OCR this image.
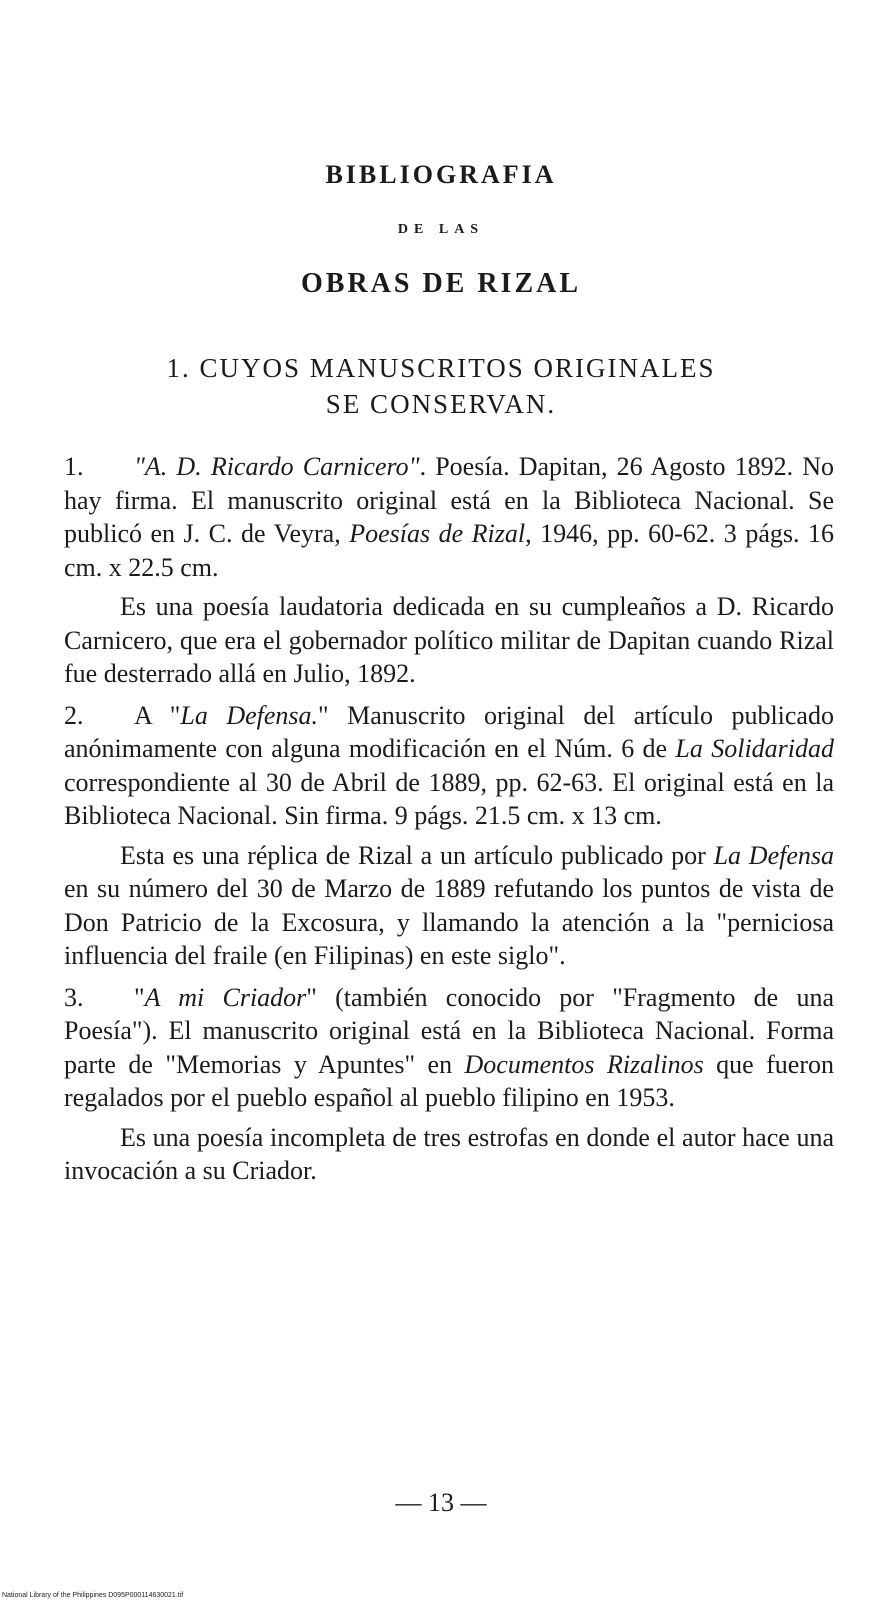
BIBLIOGRAFIA
DE LAS
OBRAS DE RIZAL
1. CUYOS MANUSCRITOS ORIGINALES
SE CONSERVAN.

1. "A. D. Ricardo Carnicero". Poesía. Dapitan, 26 Agosto 1892. No hay firma. El manuscrito original está en la Biblioteca Nacional. Se publicó en J. C. de Veyra, Poesías de Rizal, 1946, pp. 60-62. 3 págs. 16 cm. x 22.5 cm.

Es una poesía laudatoria dedicada en su cumpleaños a D. Ricardo Carnicero, que era el gobernador político militar de Dapitan cuando Rizal fue desterrado allá en Julio, 1892.

2. A "La Defensa." Manuscrito original del artículo publicado anónimamente con alguna modificación en el Núm. 6 de La Solidaridad correspondiente al 30 de Abril de 1889, pp. 62-63. El original está en la Biblioteca Nacional. Sin firma. 9 págs. 21.5 cm. x 13 cm.

Esta es una réplica de Rizal a un artículo publicado por La Defensa en su número del 30 de Marzo de 1889 refutando los puntos de vista de Don Patricio de la Excosura, y llamando la atención a la "perniciosa influencia del fraile (en Filipinas) en este siglo".

3. "A mi Criador" (también conocido por "Fragmento de una Poesía"). El manuscrito original está en la Biblioteca Nacional. Forma parte de "Memorias y Apuntes" en Documentos Rizalinos que fueron regalados por el pueblo español al pueblo filipino en 1953.

Es una poesía incompleta de tres estrofas en donde el autor hace una invocación a su Criador.

— 13 —
National Library of the Philippines D095P000114630021.tif
